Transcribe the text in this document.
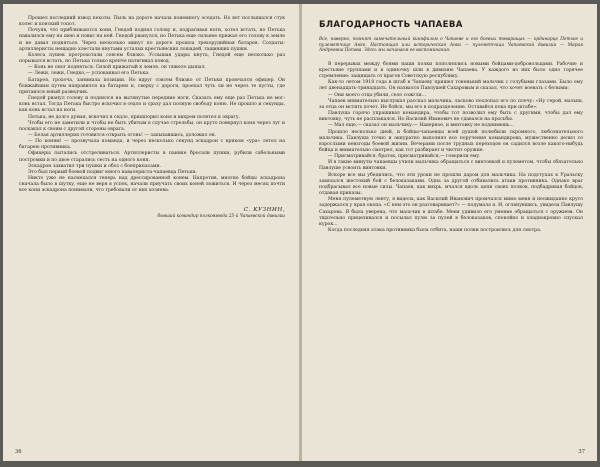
Прошел последний взвод пехоты. Пыль на дороге начала понемногу оседать. Но вот послышался стук колес и конский топот.

Почуяв, что приближаются кони, Гнедой поднял голову и, подрагивая ноги, хотел встать, но Петька навалился ему на шею и повис на ней. Гнедой рванулся, но Петька еще сильнее прижал его голову к земле и не давал подняться. Через несколько минут по дороге прошла трехорудийная батарея. Солдаты-артиллеристы нещадно хлестали кнутами усталых крестьянских лошадей, тащивших пушки.

Колеса пушек прогрохотали совсем близко. Услышав удары кнута, Гнедой еще несколько раз порывался встать, но Петька только крепче натягивал повод.

— Конь не смог подняться. Силой прижатый к земле, он тяжело дышал.

— Лежи, лежи, Гнедко,— успокаивал его Петька.

Батарея, грохоча, занимала позиции. Но вдруг совсем близко от Петьки промчался офицер. Он ближайшим путем направился на батарею и, сверху с дороги, проехал чуть ли не через те кусты, где притаился юный разведчик.

Гнедой рванул голову и поднялся на вытянутые передние ноги. Сказать ему еще раз Петька не мог: конь встал. Тогда Петька быстро вскочил в седло и сразу дал полную свободу коню. Не прошло и секунды, как конь встал на ноги.

Петька, не долго думая, вскочил в седло, пришпорил коня и вихрем полетел к оврагу.

Чтобы его не заметили и чтобы не быть убитым в случае стрельбы, он круто повернул коня через луг и поскакал к своим с другой стороны оврага.

— Белая артиллерия готовится открыть огонь! — запыхавшись, доложил он.

— По коням! — прозвучала команда, и через несколько секунд эскадрон с криком «ура» летел на батарею противника.

Офицеры пытались отстреливаться. Артиллеристы в панике бросали пушки, рубили сабельными постромки и по двое старались сесть на одного коня.

Эскадрон захватил три пушки и обоз с боеприпасами.

Это был первый боевой подвиг юного кавалериста-чапаевца Петьки.

Никто уже не насмехался теперь над дрессированной конем. Напротив, многие бойцы эскадрона сначала было в шутку, еще не веря в успех, начали приучать своих коней ложиться. И через месяц почти все кони эскадрона понимали, что требовали от них хозяева.

С. КУЗНИН,
бывший командир полковзвода 25-й Чапаевской дивизии
36
БЛАГОДАРНОСТЬ ЧАПАЕВА

Все, наверно, помнят замечательный кинофильм о Чапаеве и его боевых товарищах — ординарце Петьке и пулеметчице Анке. Настоящая или историческая Анка — пулеметчица Чапаевской дивизии — Мария Андреевна Попова. Здесь мы начинаем ее воспоминания.

В перерывах между боями наши полки пополнялись новыми бойцами-добровольцами. Рабочие и крестьяне группами и в одиночку шли в дивизию Чапаева. У каждого из них было одно горячее стремление: защищать от врагов Советскую республику.

Как-то летом 1918 года в штаб к Чапаеву пришел тоненький мальчик с голубыми глазами. Было ему лет двенадцать-тринадцать. Он назвался Павлушей Сахаровым и сказал, что хочет воевать с белыми:

— Они моего отца убили, село сожгли...

Чапаев внимательно выслушал рассказ мальчика, ласково похлопал его по плечу: «Ну герой, малыш, за отца он мстить хочет. Не бойся, мы его в подразделение. Оставайся пока при штабе».

Павлуша горячо упрашивал командира, чтобы тот позволил ему быть с другими, чтобы дал ему винтовку, чуть не расплакался. Но Василий Иванович не сдавался на просьбы.

— Мал еще,— сказал он мальчику.— Наверное, и винтовку не поднимешь...

Прошло несколько дней, и бойцы-чапаевцы всей душой полюбили скромного, любознательного мальчика. Павлуша точно и аккуратно выполнял все поручения командирова, мужественно делил со взрослыми невзгоды боевой жизни. Вечерами после трудных переходов он садился возле какого-нибудь бойца и внимательно смотрел, как тот разбирает и чистит оружие.

— Присматривайся, браток, присматривайся,— говорили ему.

И в такие минуты чапаевцы учили мальчика обращаться с винтовкой и пулеметом, чтобы обязательно Павлуше усвоить винтовки.

Вскоре все мы убедились, что эти уроки не прошли даром для мальчика. На подступах к Уральску завязался жестокий бой с белоказаками. Одна за другой отбивались атаки противника. Однако враг подбрасывал все новые силы. Чапаев, как вихрь, мчался вдоль цепи своих полков, подбадривая бойцов, отдавая приказы.

Меня пулеметную ленту, я видела, как Василий Иванович промчался мимо меня и неожиданно круто задержался у края окопа. «С кем это он разговаривает?» — подумала я. И, оглянувшись, увидела Павлушу Сахарова. Я была уверена, что мальчик в штабе. Меня удивило его умение обращаться с оружием. Он тщательно прицеливался и посылал пулю за пулей в белоказаков, спокойно и хладнокровно спускал курок...

Когда последняя атака противника была отбита, наши полки построились для смотра.

37
